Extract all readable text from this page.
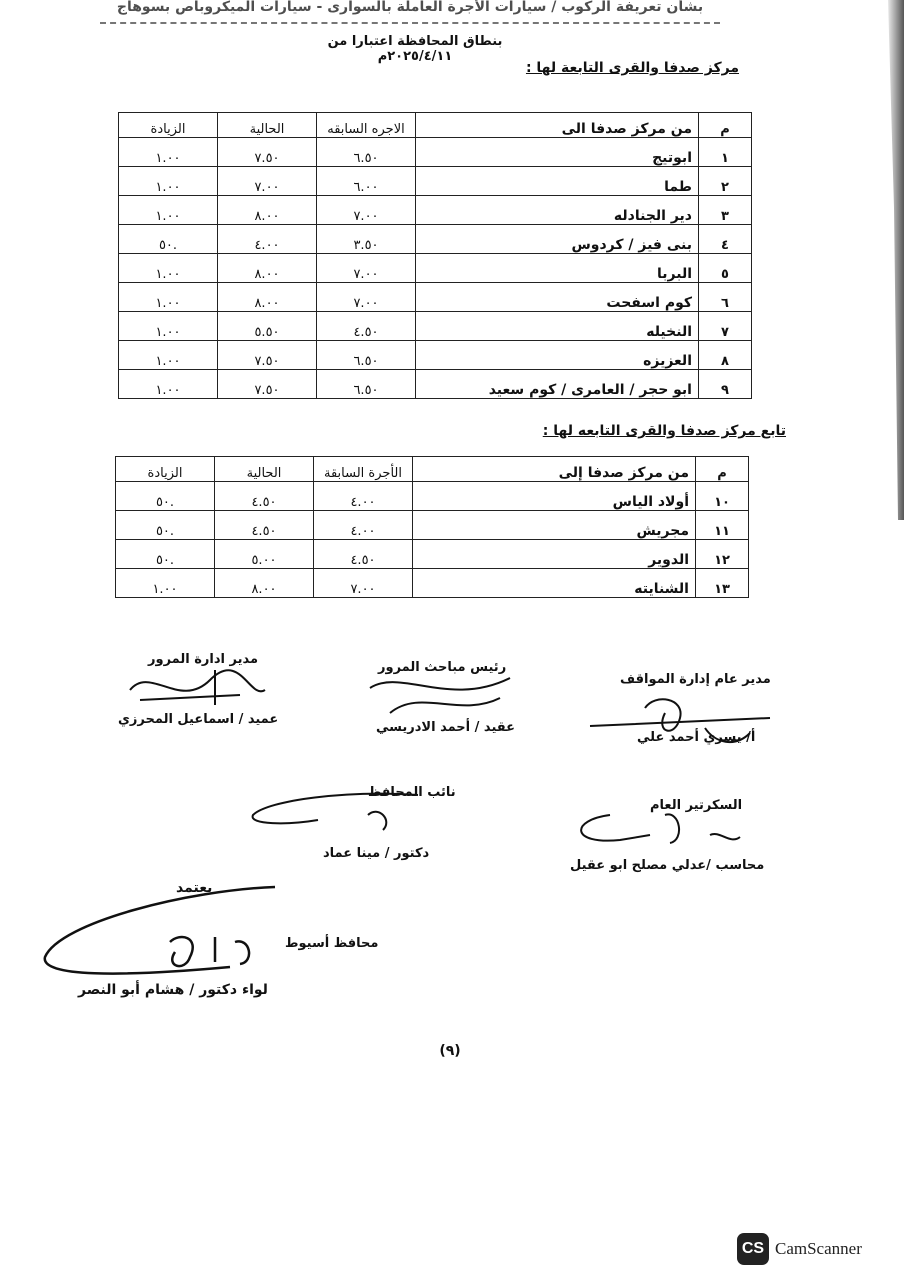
بشأن تعريفة الركوب / سيارات الأجرة العاملة بالسوارى - سيارات الميكروباص بسوهاج
بنطاق المحافظة اعتبارا من ٢٠٢٥/٤/١١م
مركز صدفا والقرى التابعة لها :
م	من مركز صدفا الى	الاجره السابقه	الحالية	الزيادة
١	ابوتيج	٦.٥٠	٧.٥٠	١.٠٠
٢	طما	٦.٠٠	٧.٠٠	١.٠٠
٣	دير الجنادله	٧.٠٠	٨.٠٠	١.٠٠
٤	بنى فيز / كردوس	٣.٥٠	٤.٠٠	.٥٠
٥	البربا	٧.٠٠	٨.٠٠	١.٠٠
٦	كوم اسفحت	٧.٠٠	٨.٠٠	١.٠٠
٧	النخيله	٤.٥٠	٥.٥٠	١.٠٠
٨	العزيزه	٦.٥٠	٧.٥٠	١.٠٠
٩	ابو حجر / العامرى / كوم سعيد	٦.٥٠	٧.٥٠	١.٠٠
تابع مركز صدفا والقرى التابعه لها :
م	من مركز صدفا إلى	الأجرة السابقة	الحالية	الزيادة
١٠	أولاد الياس	٤.٠٠	٤.٥٠	.٥٠
١١	مجريش	٤.٠٠	٤.٥٠	.٥٠
١٢	الدوير	٤.٥٠	٥.٠٠	.٥٠
١٣	الشنايته	٧.٠٠	٨.٠٠	١.٠٠
مدير ادارة المرور
عميد / اسماعيل المحرزي
رئيس مباحث المرور
عقيد / أحمد الادريسي
مدير عام إدارة المواقف
أ/ يسري أحمد علي
نائب المحافظ
دكتور / مينا عماد
السكرتير العام
محاسب /عدلي مصلح ابو عقيل
يعتمد
محافظ أسيوط
لواء دكتور / هشام أبو النصر
(٩)
CS CamScanner
